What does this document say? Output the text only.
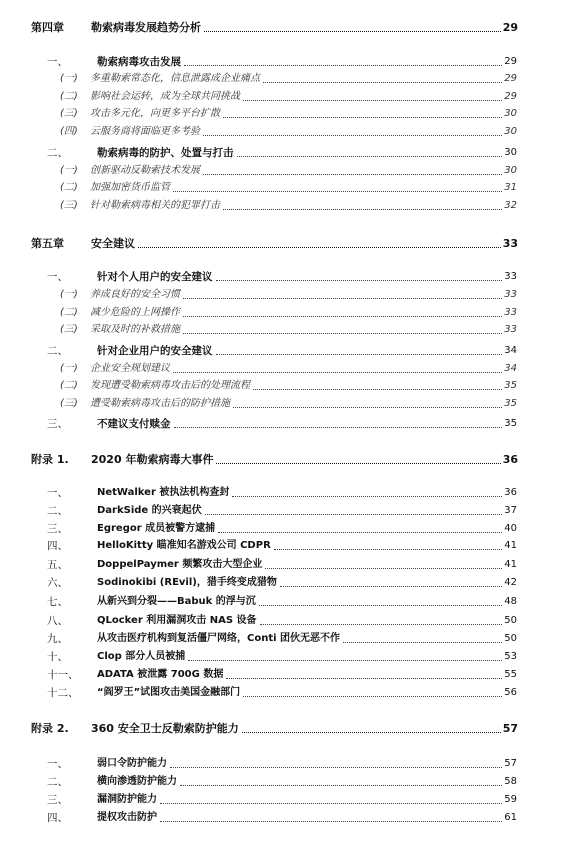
第四章	勒索病毒发展趋势分析	29
一、	勒索病毒攻击发展	29
(一)	多重勒索常态化，信息泄露成企业痛点	29
(二)	影响社会运转，成为全球共同挑战	29
(三)	攻击多元化，向更多平台扩散	30
(四)	云服务商将面临更多考验	30
二、	勒索病毒的防护、处置与打击	30
(一)	创新驱动反勒索技术发展	30
(二)	加强加密货币监管	31
(三)	针对勒索病毒相关的犯罪打击	32
第五章	安全建议	33
一、	针对个人用户的安全建议	33
(一)	养成良好的安全习惯	33
(二)	减少危险的上网操作	33
(三)	采取及时的补救措施	33
二、	针对企业用户的安全建议	34
(一)	企业安全规划建议	34
(二)	发现遭受勒索病毒攻击后的处理流程	35
(三)	遭受勒索病毒攻击后的防护措施	35
三、	不建议支付赎金	35
附录 1.	2020 年勒索病毒大事件	36
一、	NetWalker 被执法机构查封	36
二、	DarkSide 的兴衰起伏	37
三、	Egregor 成员被警方逮捕	40
四、	HelloKitty 瞄准知名游戏公司 CDPR	41
五、	DoppelPaymer 频繁攻击大型企业	41
六、	Sodinokibi (REvil)，猎手终变成猎物	42
七、	从新兴到分裂——Babuk 的浮与沉	48
八、	QLocker 利用漏洞攻击 NAS 设备	50
九、	从攻击医疗机构到复活僵尸网络，Conti 团伙无恶不作	50
十、	Clop 部分人员被捕	53
十一、	ADATA 被泄露 700G 数据	55
十二、	“阎罗王”试图攻击美国金融部门	56
附录 2.	360 安全卫士反勒索防护能力	57
一、	弱口令防护能力	57
二、	横向渗透防护能力	58
三、	漏洞防护能力	59
四、	提权攻击防护	61
